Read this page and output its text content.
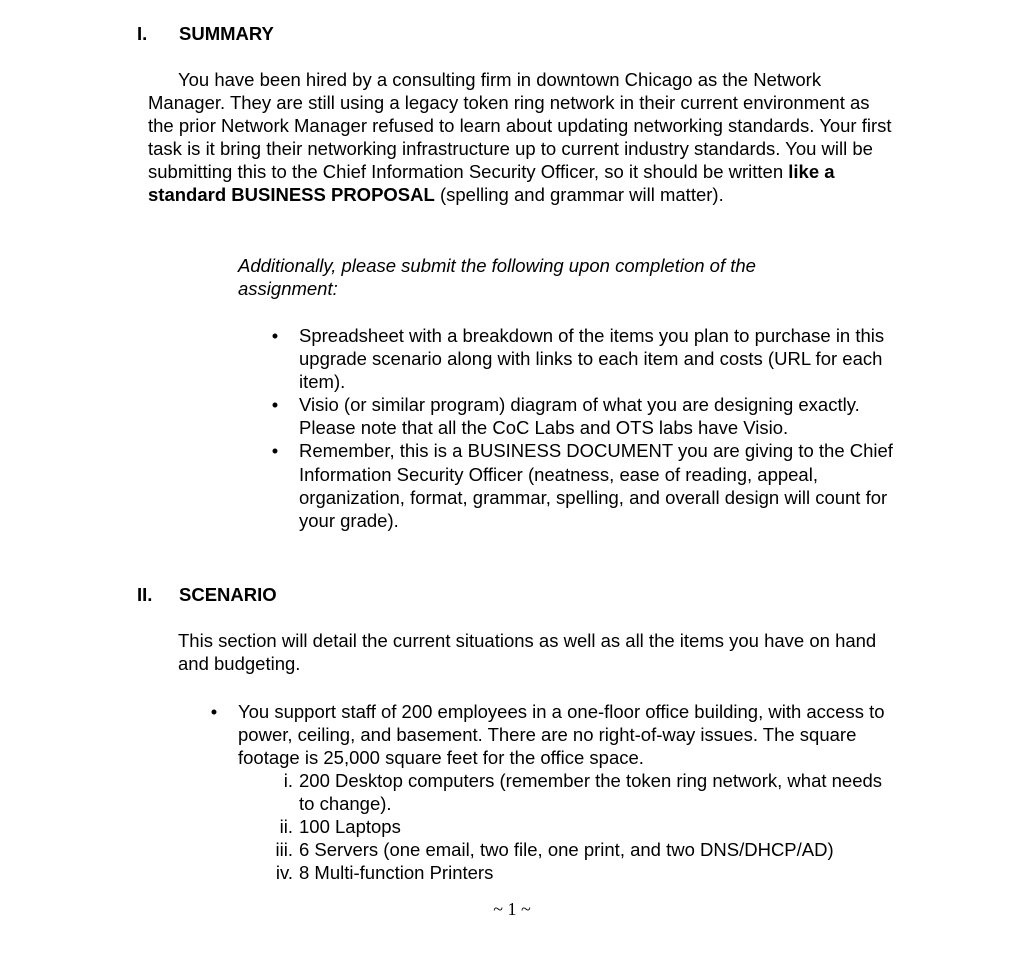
I. SUMMARY

You have been hired by a consulting firm in downtown Chicago as the Network Manager. They are still using a legacy token ring network in their current environment as the prior Network Manager refused to learn about updating networking standards. Your first task is it bring their networking infrastructure up to current industry standards. You will be submitting this to the Chief Information Security Officer, so it should be written like a standard BUSINESS PROPOSAL (spelling and grammar will matter).

Additionally, please submit the following upon completion of the assignment:

• Spreadsheet with a breakdown of the items you plan to purchase in this upgrade scenario along with links to each item and costs (URL for each item).
• Visio (or similar program) diagram of what you are designing exactly. Please note that all the CoC Labs and OTS labs have Visio.
• Remember, this is a BUSINESS DOCUMENT you are giving to the Chief Information Security Officer (neatness, ease of reading, appeal, organization, format, grammar, spelling, and overall design will count for your grade).
II. SCENARIO

This section will detail the current situations as well as all the items you have on hand and budgeting.

• You support staff of 200 employees in a one-floor office building, with access to power, ceiling, and basement. There are no right-of-way issues. The square footage is 25,000 square feet for the office space.
i. 200 Desktop computers (remember the token ring network, what needs to change).
ii. 100 Laptops
iii. 6 Servers (one email, two file, one print, and two DNS/DHCP/AD)
iv. 8 Multi-function Printers
~ 1 ~
